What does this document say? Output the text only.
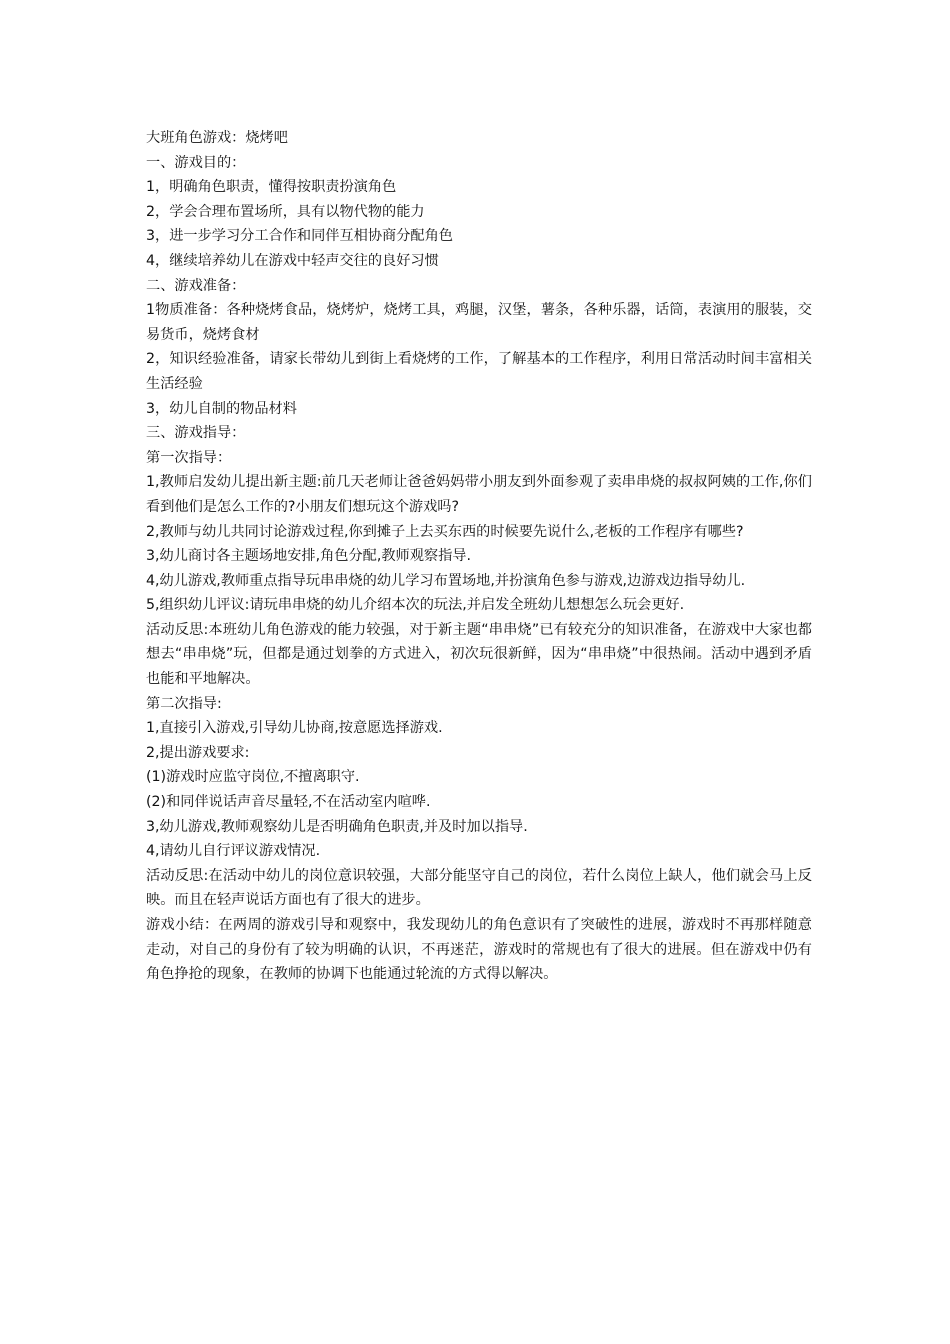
大班角色游戏：烧烤吧

一、游戏目的：

1，明确角色职责，懂得按职责扮演角色

2，学会合理布置场所，具有以物代物的能力

3，进一步学习分工合作和同伴互相协商分配角色

4，继续培养幼儿在游戏中轻声交往的良好习惯

二、游戏准备：

1物质准备：各种烧烤食品，烧烤炉，烧烤工具，鸡腿，汉堡，薯条，各种乐器，话筒，表演用的服装，交易货币，烧烤食材

2，知识经验准备，请家长带幼儿到街上看烧烤的工作，了解基本的工作程序，利用日常活动时间丰富相关生活经验

3，幼儿自制的物品材料

三、游戏指导：

第一次指导：

1,教师启发幼儿提出新主题:前几天老师让爸爸妈妈带小朋友到外面参观了卖串串烧的叔叔阿姨的工作,你们看到他们是怎么工作的?小朋友们想玩这个游戏吗?

2,教师与幼儿共同讨论游戏过程,你到摊子上去买东西的时候要先说什么,老板的工作程序有哪些?

3,幼儿商讨各主题场地安排,角色分配,教师观察指导.

4,幼儿游戏,教师重点指导玩串串烧的幼儿学习布置场地,并扮演角色参与游戏,边游戏边指导幼儿.

5,组织幼儿评议:请玩串串烧的幼儿介绍本次的玩法,并启发全班幼儿想想怎么玩会更好.

活动反思:本班幼儿角色游戏的能力较强，对于新主题“串串烧”已有较充分的知识准备，在游戏中大家也都想去“串串烧”玩，但都是通过划拳的方式进入，初次玩很新鲜，因为“串串烧”中很热闹。活动中遇到矛盾也能和平地解决。

第二次指导:

1,直接引入游戏,引导幼儿协商,按意愿选择游戏.

2,提出游戏要求:

(1)游戏时应监守岗位,不擅离职守.

(2)和同伴说话声音尽量轻,不在活动室内喧哗.

3,幼儿游戏,教师观察幼儿是否明确角色职责,并及时加以指导.

4,请幼儿自行评议游戏情况.

活动反思:在活动中幼儿的岗位意识较强，大部分能坚守自己的岗位，若什么岗位上缺人，他们就会马上反映。而且在轻声说话方面也有了很大的进步。

游戏小结：在两周的游戏引导和观察中，我发现幼儿的角色意识有了突破性的进展，游戏时不再那样随意走动，对自己的身份有了较为明确的认识，不再迷茫，游戏时的常规也有了很大的进展。但在游戏中仍有角色挣抢的现象，在教师的协调下也能通过轮流的方式得以解决。
